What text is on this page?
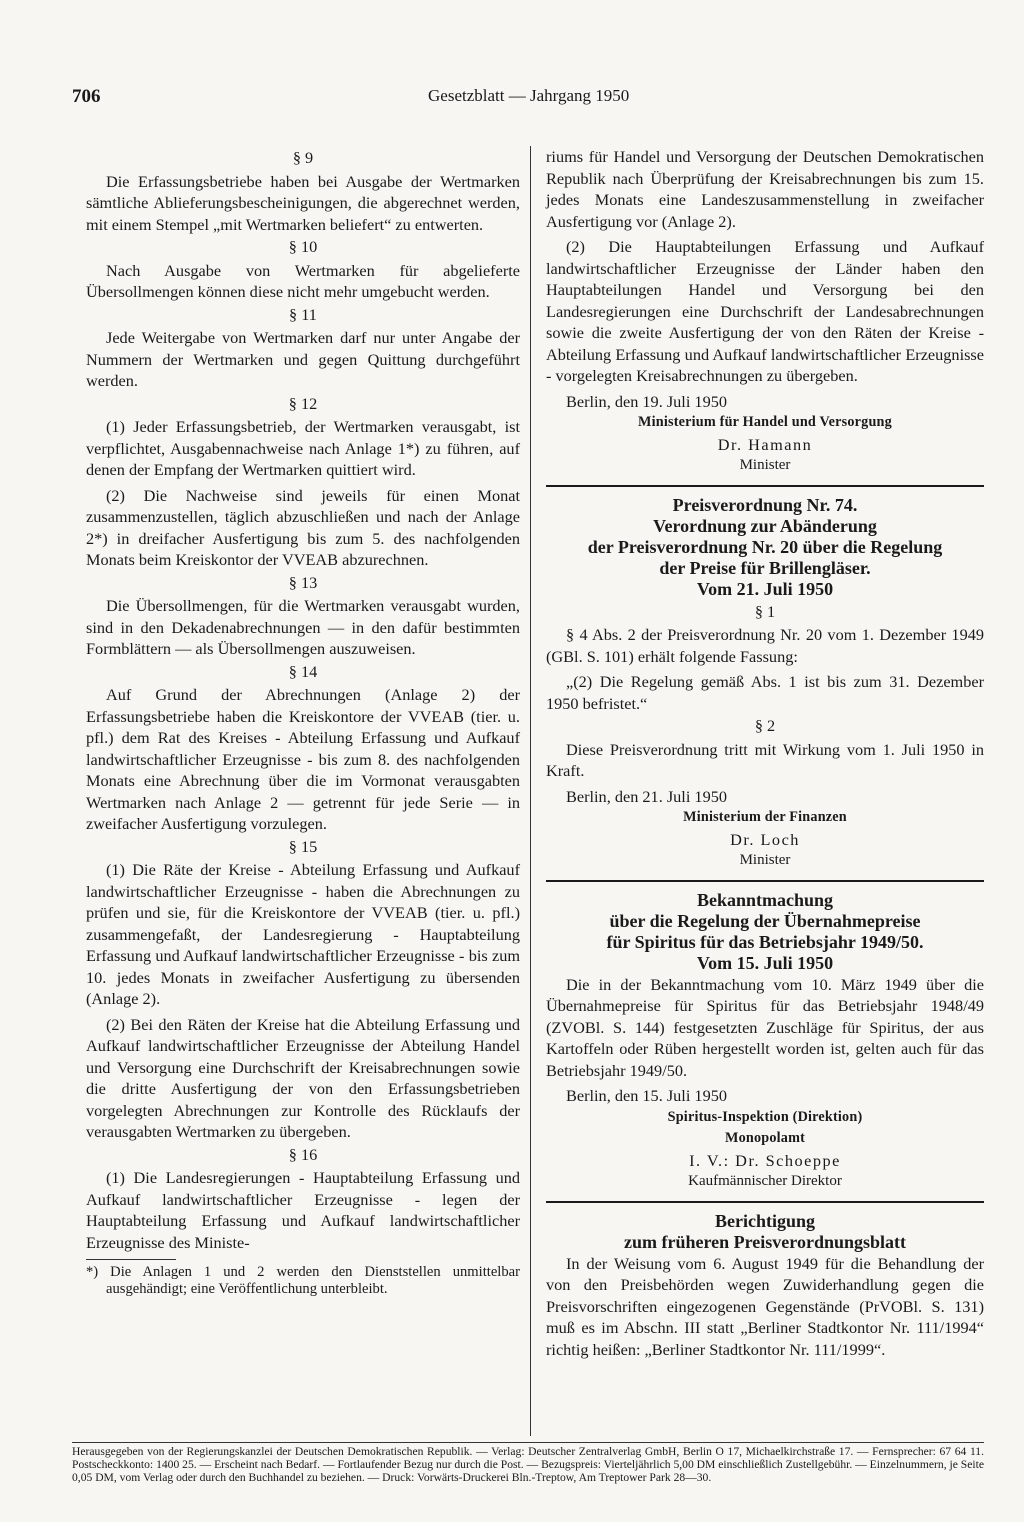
706	Gesetzblatt — Jahrgang 1950

§ 9

Die Erfassungsbetriebe haben bei Ausgabe der Wertmarken sämtliche Ablieferungsbescheinigungen, die abgerechnet werden, mit einem Stempel „mit Wertmarken beliefert“ zu entwerten.

§ 10

Nach Ausgabe von Wertmarken für abgelieferte Übersollmengen können diese nicht mehr umgebucht werden.

§ 11

Jede Weitergabe von Wertmarken darf nur unter Angabe der Nummern der Wertmarken und gegen Quittung durchgeführt werden.

§ 12

(1) Jeder Erfassungsbetrieb, der Wertmarken verausgabt, ist verpflichtet, Ausgabennachweise nach Anlage 1*) zu führen, auf denen der Empfang der Wertmarken quittiert wird.

(2) Die Nachweise sind jeweils für einen Monat zusammenzustellen, täglich abzuschließen und nach der Anlage 2*) in dreifacher Ausfertigung bis zum 5. des nachfolgenden Monats beim Kreiskontor der VVEAB abzurechnen.

§ 13

Die Übersollmengen, für die Wertmarken verausgabt wurden, sind in den Dekadenabrechnungen — in den dafür bestimmten Formblättern — als Übersollmengen auszuweisen.

§ 14

Auf Grund der Abrechnungen (Anlage 2) der Erfassungsbetriebe haben die Kreiskontore der VVEAB (tier. u. pfl.) dem Rat des Kreises - Abteilung Erfassung und Aufkauf landwirtschaftlicher Erzeugnisse - bis zum 8. des nachfolgenden Monats eine Abrechnung über die im Vormonat verausgabten Wertmarken nach Anlage 2 — getrennt für jede Serie — in zweifacher Ausfertigung vorzulegen.

§ 15

(1) Die Räte der Kreise - Abteilung Erfassung und Aufkauf landwirtschaftlicher Erzeugnisse - haben die Abrechnungen zu prüfen und sie, für die Kreiskontore der VVEAB (tier. u. pfl.) zusammengefaßt, der Landesregierung - Hauptabteilung Erfassung und Aufkauf landwirtschaftlicher Erzeugnisse - bis zum 10. jedes Monats in zweifacher Ausfertigung zu übersenden (Anlage 2).

(2) Bei den Räten der Kreise hat die Abteilung Erfassung und Aufkauf landwirtschaftlicher Erzeugnisse der Abteilung Handel und Versorgung eine Durchschrift der Kreisabrechnungen sowie die dritte Ausfertigung der von den Erfassungsbetrieben vorgelegten Abrechnungen zur Kontrolle des Rücklaufs der verausgabten Wertmarken zu übergeben.

§ 16

(1) Die Landesregierungen - Hauptabteilung Erfassung und Aufkauf landwirtschaftlicher Erzeugnisse - legen der Hauptabteilung Erfassung und Aufkauf landwirtschaftlicher Erzeugnisse des Ministe-

*) Die Anlagen 1 und 2 werden den Dienststellen unmittelbar ausgehändigt; eine Veröffentlichung unterbleibt.

riums für Handel und Versorgung der Deutschen Demokratischen Republik nach Überprüfung der Kreisabrechnungen bis zum 15. jedes Monats eine Landeszusammenstellung in zweifacher Ausfertigung vor (Anlage 2).

(2) Die Hauptabteilungen Erfassung und Aufkauf landwirtschaftlicher Erzeugnisse der Länder haben den Hauptabteilungen Handel und Versorgung bei den Landesregierungen eine Durchschrift der Landesabrechnungen sowie die zweite Ausfertigung der von den Räten der Kreise - Abteilung Erfassung und Aufkauf landwirtschaftlicher Erzeugnisse - vorgelegten Kreisabrechnungen zu übergeben.

Berlin, den 19. Juli 1950

Ministerium für Handel und Versorgung

Dr. Hamann

Minister

Preisverordnung Nr. 74.

Verordnung zur Abänderung

der Preisverordnung Nr. 20 über die Regelung

der Preise für Brillengläser.

Vom 21. Juli 1950

§ 1

§ 4 Abs. 2 der Preisverordnung Nr. 20 vom 1. Dezember 1949 (GBl. S. 101) erhält folgende Fassung:

„(2) Die Regelung gemäß Abs. 1 ist bis zum 31. Dezember 1950 befristet.“

§ 2

Diese Preisverordnung tritt mit Wirkung vom 1. Juli 1950 in Kraft.

Berlin, den 21. Juli 1950

Ministerium der Finanzen

Dr. Loch

Minister

Bekanntmachung

über die Regelung der Übernahmepreise

für Spiritus für das Betriebsjahr 1949/50.

Vom 15. Juli 1950

Die in der Bekanntmachung vom 10. März 1949 über die Übernahmepreise für Spiritus für das Betriebsjahr 1948/49 (ZVOBl. S. 144) festgesetzten Zuschläge für Spiritus, der aus Kartoffeln oder Rüben hergestellt worden ist, gelten auch für das Betriebsjahr 1949/50.

Berlin, den 15. Juli 1950

Spiritus-Inspektion (Direktion)

Monopolamt

I. V.: Dr. Schoeppe

Kaufmännischer Direktor

Berichtigung

zum früheren Preisverordnungsblatt

In der Weisung vom 6. August 1949 für die Behandlung der von den Preisbehörden wegen Zuwiderhandlung gegen die Preisvorschriften eingezogenen Gegenstände (PrVOBl. S. 131) muß es im Abschn. III statt „Berliner Stadtkontor Nr. 111/1994“ richtig heißen: „Berliner Stadtkontor Nr. 111/1999“.

Herausgegeben von der Regierungskanzlei der Deutschen Demokratischen Republik. — Verlag: Deutscher Zentralverlag GmbH, Berlin O 17, Michaelkirchstraße 17. — Fernsprecher: 67 64 11. Postscheckkonto: 1400 25. — Erscheint nach Bedarf. — Fortlaufender Bezug nur durch die Post. — Bezugspreis: Vierteljährlich 5,00 DM einschließlich Zustellgebühr. — Einzelnummern, je Seite 0,05 DM, vom Verlag oder durch den Buchhandel zu beziehen. — Druck: Vorwärts-Druckerei Bln.-Treptow, Am Treptower Park 28—30.
